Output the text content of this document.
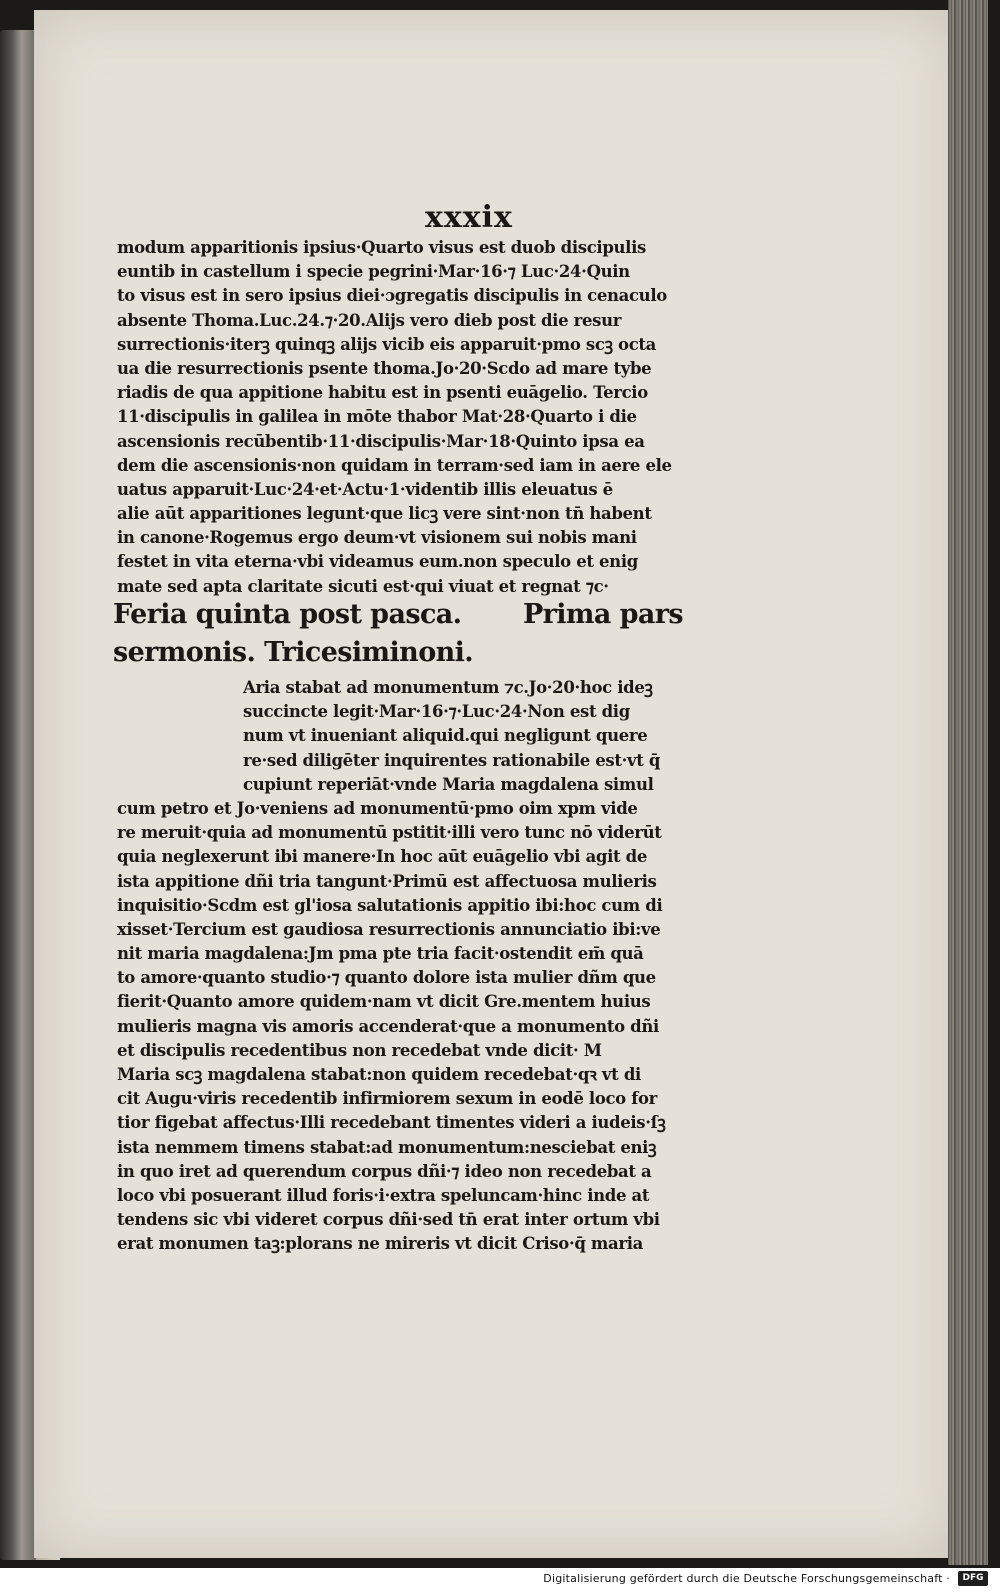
xxxix
modum apparitionis ipsius·Quarto visus est duob discipulis
euntib in castellum i specie pegrini·Mar·16·⁊ Luc·24·Quin
to visus est in sero ipsius diei·ɔgregatis discipulis in cenaculo
absente Thoma.Luc.24.⁊·20.Alijs vero dieb post die resur
surrectionis·iterꝫ quinqꝫ alijs vicib eis apparuit·pmo scꝫ octa
ua die resurrectionis psente thoma.Jo·20·Scdo ad mare tybe
riadis de qua appitione habitu est in psenti euāgelio. Tercio
11·discipulis in galilea in mōte thabor Mat·28·Quarto i die
ascensionis recūbentib·11·discipulis·Mar·18·Quinto ipsa ea
dem die ascensionis·non quidam in terram·sed iam in aere ele
uatus apparuit·Luc·24·et·Actu·1·videntib illis eleuatus ē
alie aūt apparitiones legunt·que licꝫ vere sint·non tn̄ habent
in canone·Rogemus ergo deum·vt visionem sui nobis mani
festet in vita eterna·vbi videamus eum.non speculo et enig
mate sed apta claritate sicuti est·qui viuat et regnat ⁊c·
Feria quinta post pasca. Prima pars
sermonis. Tricesiminoni.
Aria stabat ad monumentum ⁊c.Jo·20·hoc ideꝫ
succincte legit·Mar·16·⁊·Luc·24·Non est dig
num vt inueniant aliquid.qui negligunt quere
re·sed diligēter inquirentes rationabile est·vt q̄
cupiunt reperiāt·vnde Maria magdalena simul
cum petro et Jo·veniens ad monumentū·pmo oim xpm vide
re meruit·quia ad monumentū pstitit·illi vero tunc nō viderūt
quia neglexerunt ibi manere·In hoc aūt euāgelio vbi agit de
ista appitione dñi tria tangunt·Primū est affectuosa mulieris
inquisitio·Scdm est gl'iosa salutationis appitio ibi:hoc cum di
xisset·Tercium est gaudiosa resurrectionis annunciatio ibi:ve
nit maria magdalena:Jm pma pte tria facit·ostendit em̄ quā
to amore·quanto studio·⁊ quanto dolore ista mulier dñm que
fierit·Quanto amore quidem·nam vt dicit Gre.mentem huius
mulieris magna vis amoris accenderat·que a monumento dñi
et discipulis recedentibus non recedebat vnde dicit· M
Maria scꝫ magdalena stabat:non quidem recedebat·qꝛ vt di
cit Augu·viris recedentib infirmiorem sexum in eodē loco for
tior figebat affectus·Illi recedebant timentes videri a iudeis·ſꝫ
ista nemmem timens stabat:ad monumentum:nesciebat eniꝫ
in quo iret ad querendum corpus dñi·⁊ ideo non recedebat a
loco vbi posuerant illud foris·i·extra speluncam·hinc inde at
tendens sic vbi videret corpus dñi·sed tn̄ erat inter ortum vbi
erat monumen taꝫ:plorans ne mireris vt dicit Criso·q̄ maria
Digitalisierung gefördert durch die Deutsche Forschungsgemeinschaft ·	DFG
